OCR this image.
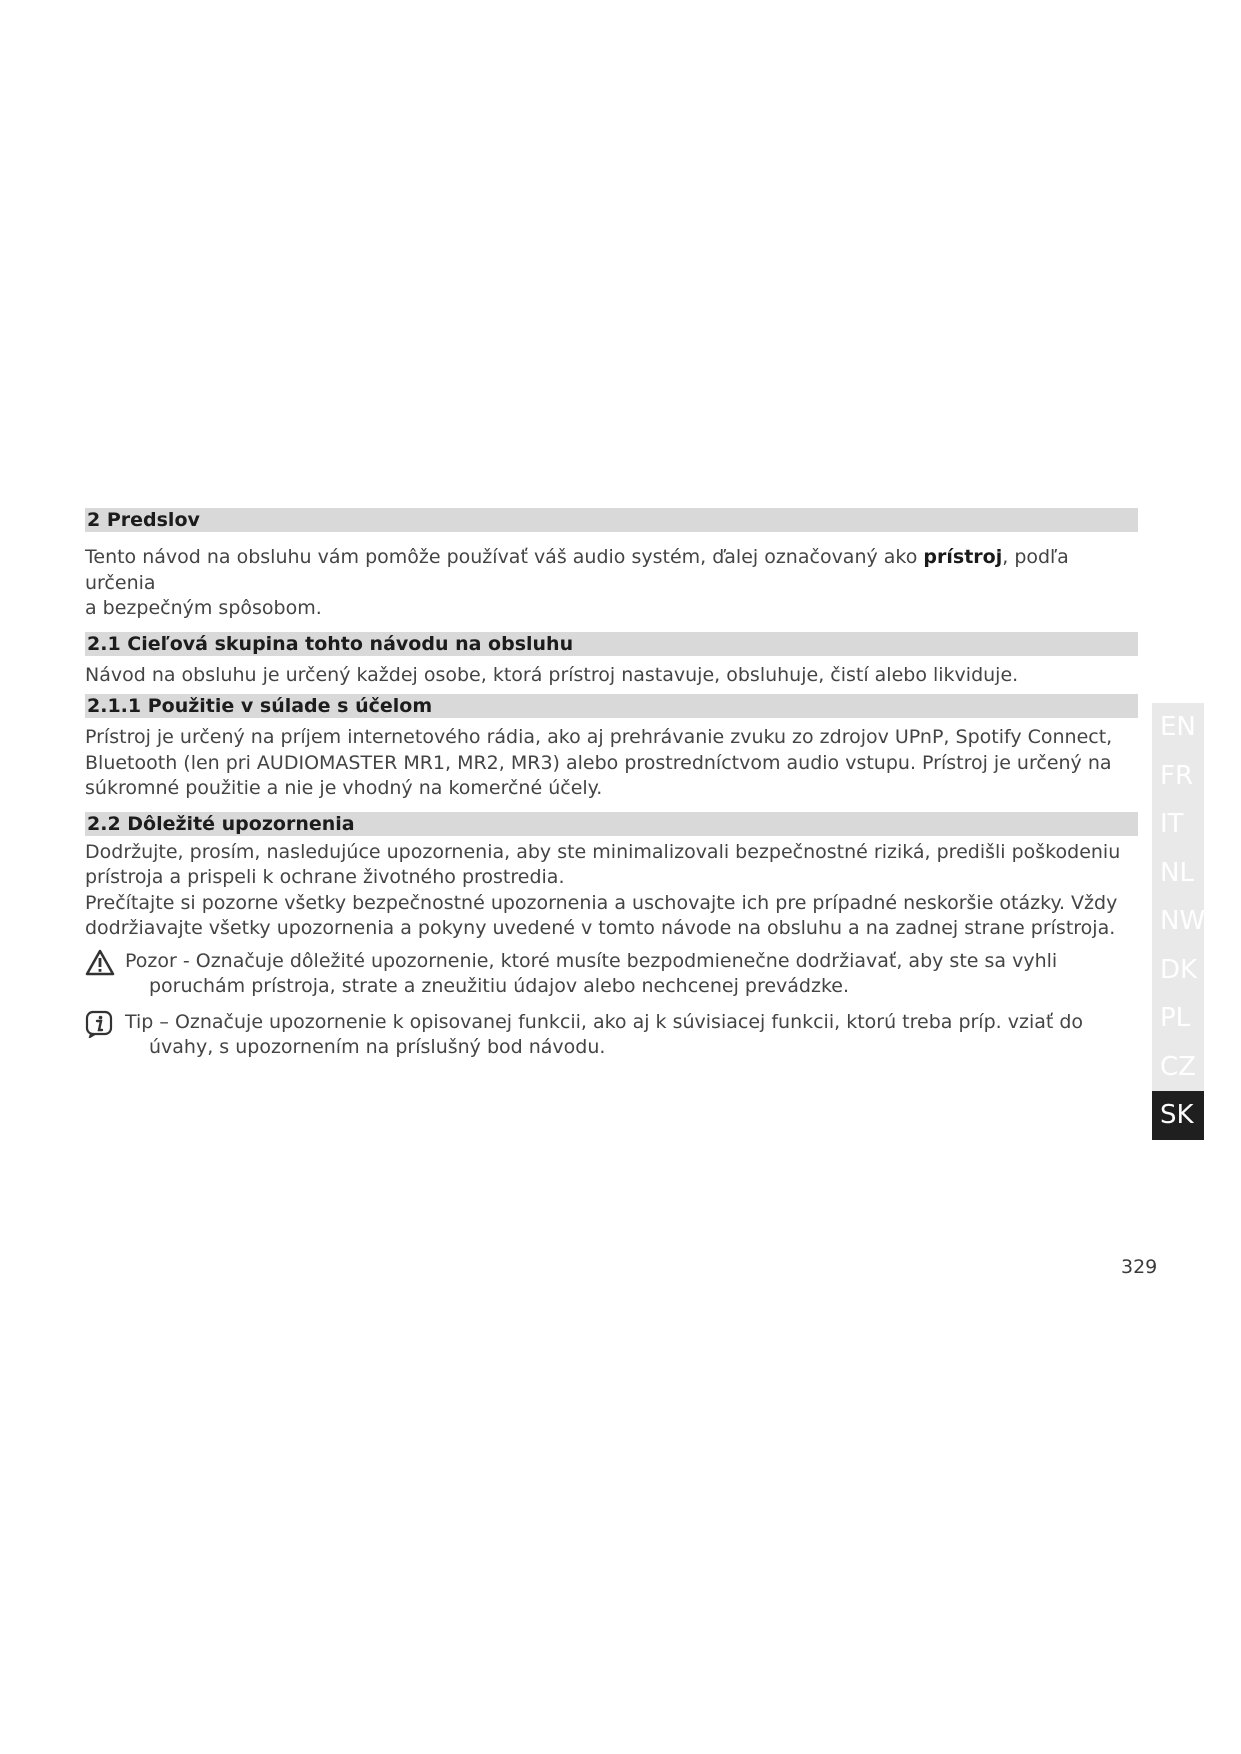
2 Predslov

Tento návod na obsluhu vám pomôže používať váš audio systém, ďalej označovaný ako prístroj, podľa určenia
a bezpečným spôsobom.

2.1 Cieľová skupina tohto návodu na obsluhu

Návod na obsluhu je určený každej osobe, ktorá prístroj nastavuje, obsluhuje, čistí alebo likviduje.

2.1.1 Použitie v súlade s účelom

Prístroj je určený na príjem internetového rádia, ako aj prehrávanie zvuku zo zdrojov UPnP, Spotify Connect,
Bluetooth (len pri AUDIOMASTER MR1, MR2, MR3) alebo prostredníctvom audio vstupu. Prístroj je určený na
súkromné použitie a nie je vhodný na komerčné účely.

2.2 Dôležité upozornenia

Dodržujte, prosím, nasledujúce upozornenia, aby ste minimalizovali bezpečnostné riziká, predišli poškodeniu
prístroja a prispeli k ochrane životného prostredia.
Prečítajte si pozorne všetky bezpečnostné upozornenia a uschovajte ich pre prípadné neskoršie otázky. Vždy
dodržiavajte všetky upozornenia a pokyny uvedené v tomto návode na obsluhu a na zadnej strane prístroja.

Pozor - Označuje dôležité upozornenie, ktoré musíte bezpodmienečne dodržiavať, aby ste sa vyhli
poruchám prístroja, strate a zneužitiu údajov alebo nechcenej prevádzke.
Tip – Označuje upozornenie k opisovanej funkcii, ako aj k súvisiacej funkcii, ktorú treba príp. vziať do
úvahy, s upozornením na príslušný bod návodu.
EN
FR
IT
NL
NW
DK
PL
CZ
SK
329
